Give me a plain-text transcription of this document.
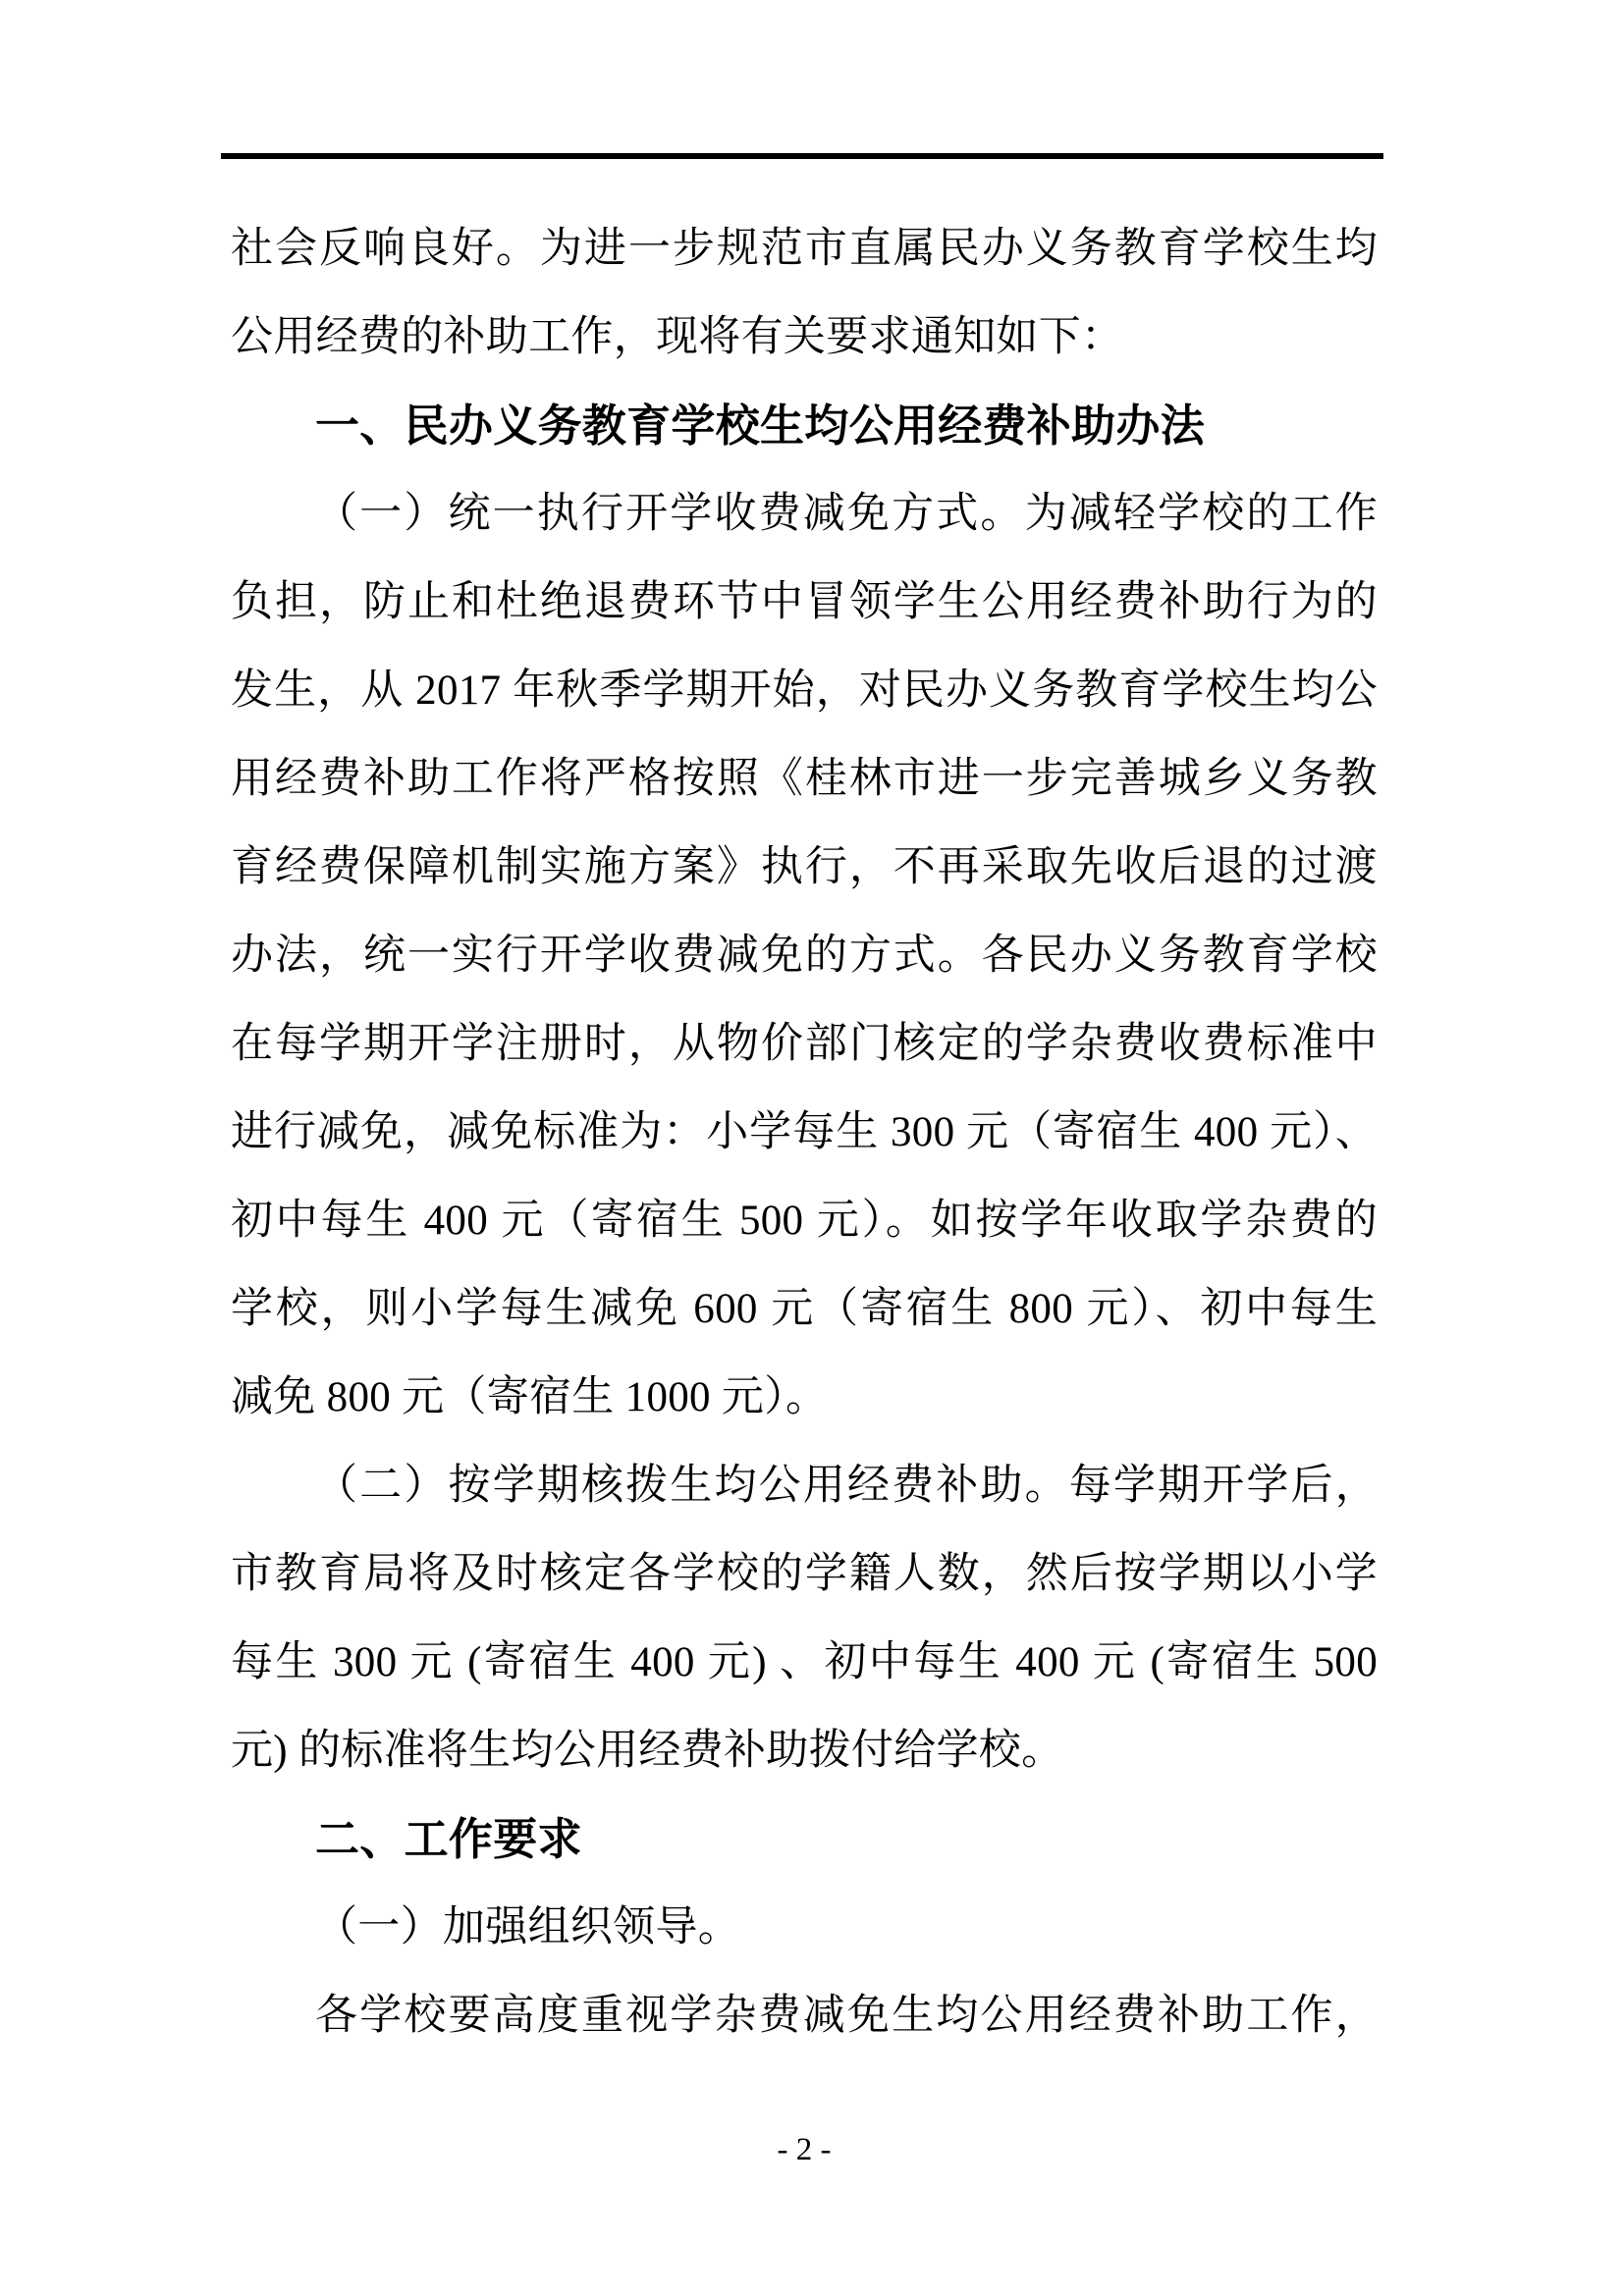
社会反响良好。为进一步规范市直属民办义务教育学校生均
公用经费的补助工作，现将有关要求通知如下：
一、民办义务教育学校生均公用经费补助办法
（一）统一执行开学收费减免方式。为减轻学校的工作
负担，防止和杜绝退费环节中冒领学生公用经费补助行为的
发生，从 2017 年秋季学期开始，对民办义务教育学校生均公
用经费补助工作将严格按照《桂林市进一步完善城乡义务教
育经费保障机制实施方案》执行，不再采取先收后退的过渡
办法，统一实行开学收费减免的方式。各民办义务教育学校
在每学期开学注册时，从物价部门核定的学杂费收费标准中
进行减免，减免标准为：小学每生 300 元（寄宿生 400 元）、
初中每生 400 元（寄宿生 500 元）。如按学年收取学杂费的
学校，则小学每生减免 600 元（寄宿生 800 元）、初中每生
减免 800 元（寄宿生 1000 元）。
（二）按学期核拨生均公用经费补助。每学期开学后，
市教育局将及时核定各学校的学籍人数，然后按学期以小学
每生 300 元 (寄宿生 400 元) 、初中每生 400 元 (寄宿生 500
元) 的标准将生均公用经费补助拨付给学校。
二、工作要求
（一）加强组织领导。
各学校要高度重视学杂费减免生均公用经费补助工作，
- 2 -
